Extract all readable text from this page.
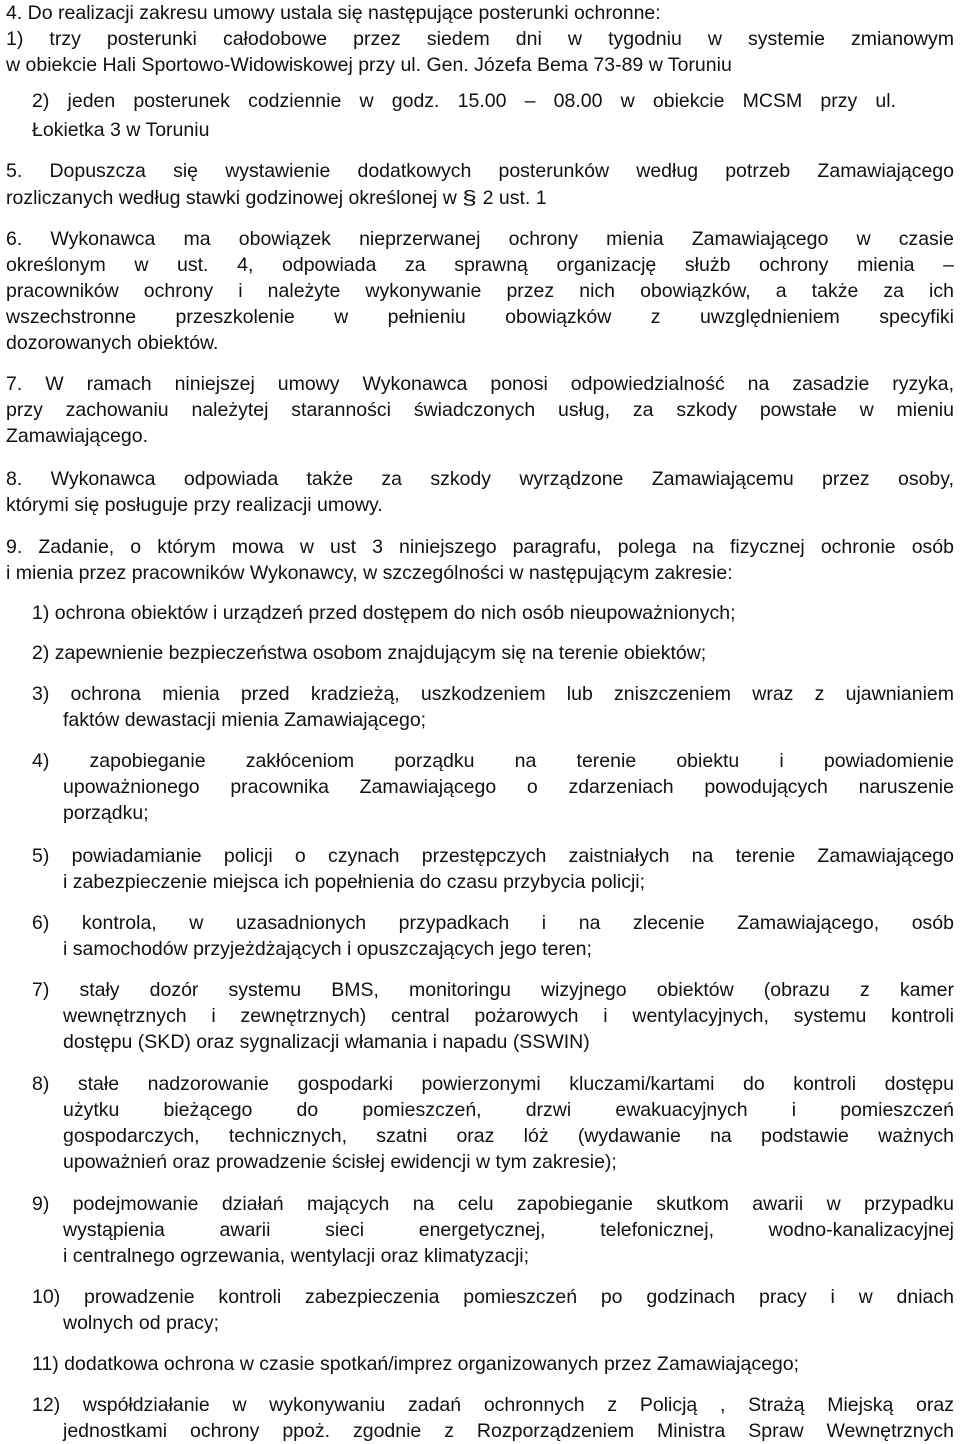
4. Do realizacji zakresu umowy ustala się następujące posterunki ochronne:
1) trzy posterunki całodobowe przez siedem dni w tygodniu w systemie zmianowym
w obiekcie Hali Sportowo-Widowiskowej przy ul. Gen. Józefa Bema 73-89 w Toruniu
2) jeden posterunek codziennie w godz. 15.00 – 08.00 w obiekcie MCSM przy ul.
Łokietka 3 w Toruniu
5. Dopuszcza się wystawienie dodatkowych posterunków według potrzeb Zamawiającego
rozliczanych według stawki godzinowej określonej w § 2 ust. 1
6. Wykonawca ma obowiązek nieprzerwanej ochrony mienia Zamawiającego w czasie
określonym w ust. 4, odpowiada za sprawną organizację służb ochrony mienia –
pracowników ochrony i należyte wykonywanie przez nich obowiązków, a także za ich
wszechstronne przeszkolenie w pełnieniu obowiązków z uwzględnieniem specyfiki
dozorowanych obiektów.
7. W ramach niniejszej umowy Wykonawca ponosi odpowiedzialność na zasadzie ryzyka,
przy zachowaniu należytej staranności świadczonych usług, za szkody powstałe w mieniu
Zamawiającego.
8. Wykonawca odpowiada także za szkody wyrządzone Zamawiającemu przez osoby,
którymi się posługuje przy realizacji umowy.
9. Zadanie, o którym mowa w ust 3 niniejszego paragrafu, polega na fizycznej ochronie osób
i mienia przez pracowników Wykonawcy, w szczególności w następującym zakresie:
1) ochrona obiektów i urządzeń przed dostępem do nich osób nieupoważnionych;
2) zapewnienie bezpieczeństwa osobom znajdującym się na terenie obiektów;
3) ochrona mienia przed kradzieżą, uszkodzeniem lub zniszczeniem wraz z ujawnianiem
faktów dewastacji mienia Zamawiającego;
4) zapobieganie zakłóceniom porządku na terenie obiektu i powiadomienie
upoważnionego pracownika Zamawiającego o zdarzeniach powodujących naruszenie
porządku;
5) powiadamianie policji o czynach przestępczych zaistniałych na terenie Zamawiającego
i zabezpieczenie miejsca ich popełnienia do czasu przybycia policji;
6) kontrola, w uzasadnionych przypadkach i na zlecenie Zamawiającego, osób
i samochodów przyjeżdżających i opuszczających jego teren;
7) stały dozór systemu BMS, monitoringu wizyjnego obiektów (obrazu z kamer
wewnętrznych i zewnętrznych) central pożarowych i wentylacyjnych, systemu kontroli
dostępu (SKD) oraz sygnalizacji włamania i napadu (SSWIN)
8) stałe nadzorowanie gospodarki powierzonymi kluczami/kartami do kontroli dostępu
użytku bieżącego do pomieszczeń, drzwi ewakuacyjnych i pomieszczeń
gospodarczych, technicznych, szatni oraz lóż (wydawanie na podstawie ważnych
upoważnień oraz prowadzenie ścisłej ewidencji w tym zakresie);
9) podejmowanie działań mających na celu zapobieganie skutkom awarii w przypadku
wystąpienia awarii sieci energetycznej, telefonicznej, wodno-kanalizacyjnej
i centralnego ogrzewania, wentylacji oraz klimatyzacji;
10) prowadzenie kontroli zabezpieczenia pomieszczeń po godzinach pracy i w dniach
wolnych od pracy;
11) dodatkowa ochrona w czasie spotkań/imprez organizowanych przez Zamawiającego;
12) współdziałanie w wykonywaniu zadań ochronnych z Policją , Strażą Miejską oraz
jednostkami ochrony ppoż. zgodnie z Rozporządzeniem Ministra Spraw Wewnętrznych
